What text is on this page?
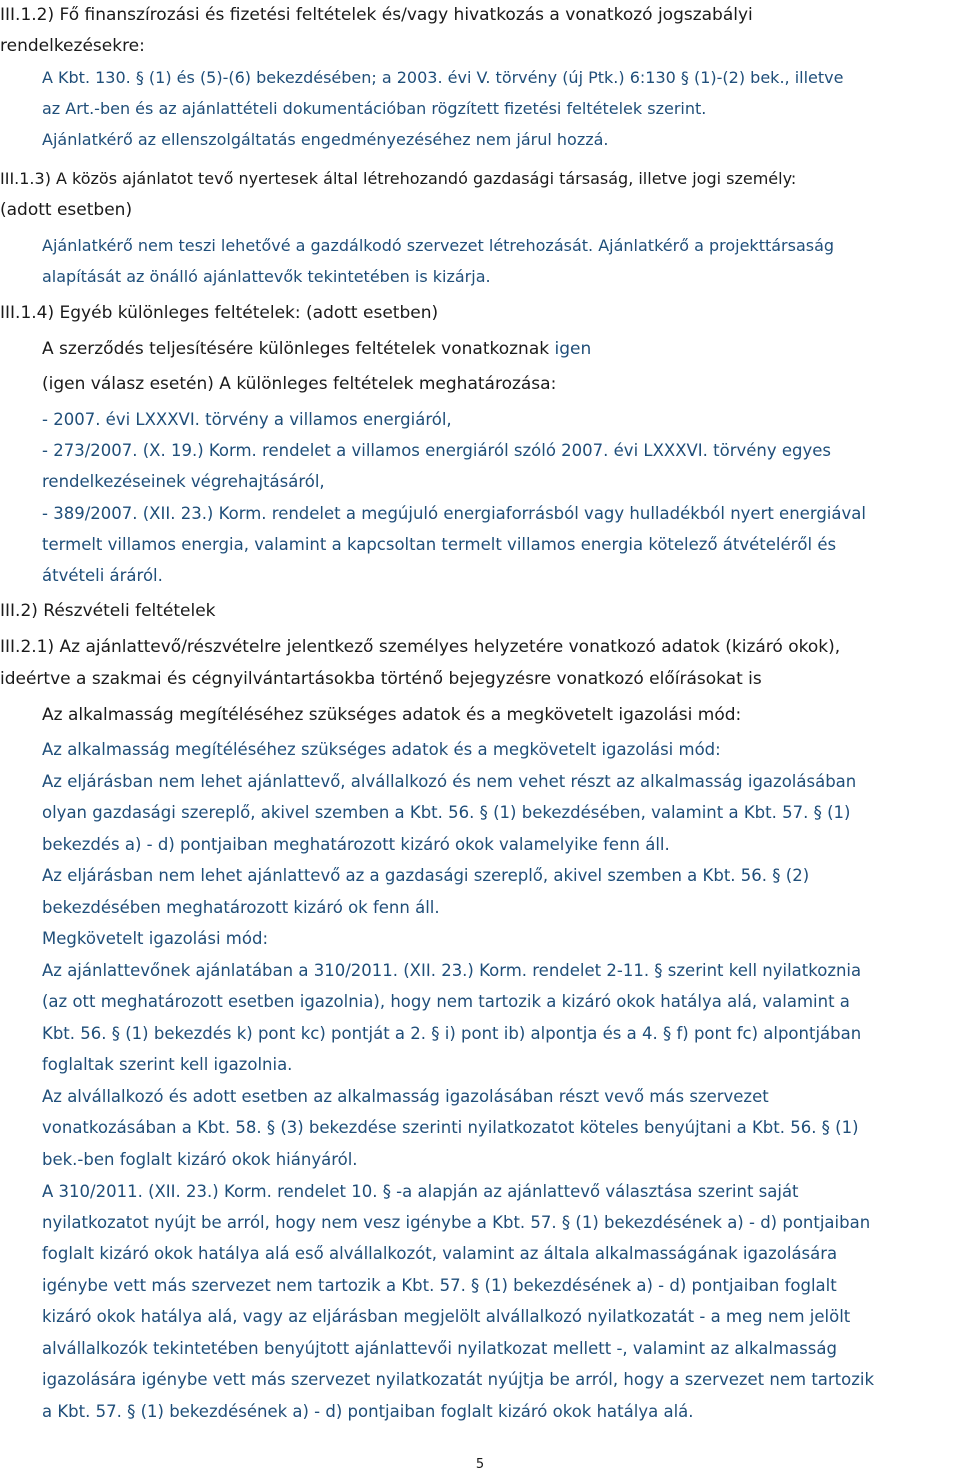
III.1.2) Fő finanszírozási és fizetési feltételek és/vagy hivatkozás a vonatkozó jogszabályi
rendelkezésekre:
A Kbt. 130. § (1) és (5)-(6) bekezdésében; a 2003. évi V. törvény (új Ptk.) 6:130 § (1)-(2) bek., illetve
az Art.-ben és az ajánlattételi dokumentációban rögzített fizetési feltételek szerint.
Ajánlatkérő az ellenszolgáltatás engedményezéséhez nem járul hozzá.
III.1.3) A közös ajánlatot tevő nyertesek által létrehozandó gazdasági társaság, illetve jogi személy:
(adott esetben)
Ajánlatkérő nem teszi lehetővé a gazdálkodó szervezet létrehozását. Ajánlatkérő a projekttársaság
alapítását az önálló ajánlattevők tekintetében is kizárja.
III.1.4) Egyéb különleges feltételek: (adott esetben)
A szerződés teljesítésére különleges feltételek vonatkoznak igen
(igen válasz esetén) A különleges feltételek meghatározása:
- 2007. évi LXXXVI. törvény a villamos energiáról,
- 273/2007. (X. 19.) Korm. rendelet a villamos energiáról szóló 2007. évi LXXXVI. törvény egyes
rendelkezéseinek végrehajtásáról,
- 389/2007. (XII. 23.) Korm. rendelet a megújuló energiaforrásból vagy hulladékból nyert energiával
termelt villamos energia, valamint a kapcsoltan termelt villamos energia kötelező átvételéről és
átvételi áráról.
III.2) Részvételi feltételek
III.2.1) Az ajánlattevő/részvételre jelentkező személyes helyzetére vonatkozó adatok (kizáró okok),
ideértve a szakmai és cégnyilvántartásokba történő bejegyzésre vonatkozó előírásokat is
Az alkalmasság megítéléséhez szükséges adatok és a megkövetelt igazolási mód:
Az alkalmasság megítéléséhez szükséges adatok és a megkövetelt igazolási mód:
Az eljárásban nem lehet ajánlattevő, alvállalkozó és nem vehet részt az alkalmasság igazolásában
olyan gazdasági szereplő, akivel szemben a Kbt. 56. § (1) bekezdésében, valamint a Kbt. 57. § (1)
bekezdés a) - d) pontjaiban meghatározott kizáró okok valamelyike fenn áll.
Az eljárásban nem lehet ajánlattevő az a gazdasági szereplő, akivel szemben a Kbt. 56. § (2)
bekezdésében meghatározott kizáró ok fenn áll.
Megkövetelt igazolási mód:
Az ajánlattevőnek ajánlatában a 310/2011. (XII. 23.) Korm. rendelet 2-11. § szerint kell nyilatkoznia
(az ott meghatározott esetben igazolnia), hogy nem tartozik a kizáró okok hatálya alá, valamint a
Kbt. 56. § (1) bekezdés k) pont kc) pontját a 2. § i) pont ib) alpontja és a 4. § f) pont fc) alpontjában
foglaltak szerint kell igazolnia.
Az alvállalkozó és adott esetben az alkalmasság igazolásában részt vevő más szervezet
vonatkozásában a Kbt. 58. § (3) bekezdése szerinti nyilatkozatot köteles benyújtani a Kbt. 56. § (1)
bek.-ben foglalt kizáró okok hiányáról.
A 310/2011. (XII. 23.) Korm. rendelet 10. § -a alapján az ajánlattevő választása szerint saját
nyilatkozatot nyújt be arról, hogy nem vesz igénybe a Kbt. 57. § (1) bekezdésének a) - d) pontjaiban
foglalt kizáró okok hatálya alá eső alvállalkozót, valamint az általa alkalmasságának igazolására
igénybe vett más szervezet nem tartozik a Kbt. 57. § (1) bekezdésének a) - d) pontjaiban foglalt
kizáró okok hatálya alá, vagy az eljárásban megjelölt alvállalkozó nyilatkozatát - a meg nem jelölt
alvállalkozók tekintetében benyújtott ajánlattevői nyilatkozat mellett -, valamint az alkalmasság
igazolására igénybe vett más szervezet nyilatkozatát nyújtja be arról, hogy a szervezet nem tartozik
a Kbt. 57. § (1) bekezdésének a) - d) pontjaiban foglalt kizáró okok hatálya alá.
5
